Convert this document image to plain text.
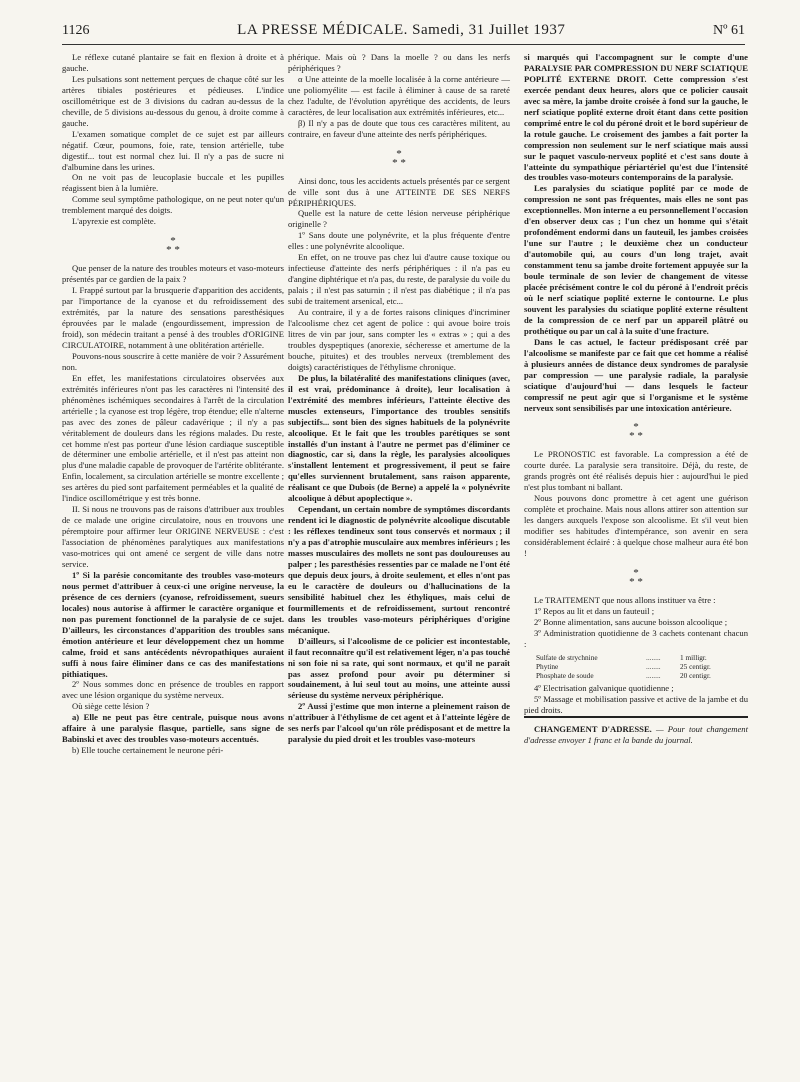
1126	LA PRESSE MÉDICALE. Samedi, 31 Juillet 1937	Nº 61

Le réflexe cutané plantaire se fait en flexion à droite et à gauche.

Les pulsations sont nettement perçues de chaque côté sur les artères tibiales postérieures et pédieuses. L'indice oscillométrique est de 3 divisions du cadran au-dessus de la cheville, de 5 divisions au-dessous du genou, à droite comme à gauche.

L'examen somatique complet de ce sujet est par ailleurs négatif. Cœur, poumons, foie, rate, tension artérielle, tube digestif... tout est normal chez lui. Il n'y a pas de sucre ni d'albumine dans les urines.

On ne voit pas de leucoplasie buccale et les pupilles réagissent bien à la lumière.

Comme seul symptôme pathologique, on ne peut noter qu'un tremblement marqué des doigts.

L'apyrexie est complète.

*
* *

Que penser de la nature des troubles moteurs et vaso-moteurs présentés par ce gardien de la paix ?

I. Frappé surtout par la brusquerie d'apparition des accidents, par l'importance de la cyanose et du refroidissement des extrémités, par la nature des sensations paresthésiques éprouvées par le malade (engourdissement, impression de froid), son médecin traitant a pensé à des troubles d'ORIGINE CIRCULATOIRE, notamment à une oblitération artérielle.

Pouvons-nous souscrire à cette manière de voir ? Assurément non.

En effet, les manifestations circulatoires observées aux extrémités inférieures n'ont pas les caractères ni l'intensité des phénomènes ischémiques secondaires à l'arrêt de la circulation artérielle ; la cyanose est trop légère, trop étendue; elle n'alterne pas avec des zones de pâleur cadavérique ; il n'y a pas véritablement de douleurs dans les régions malades. Du reste, cet homme n'est pas porteur d'une lésion cardiaque susceptible de déterminer une embolie artérielle, et il n'est pas atteint non plus d'une maladie capable de provoquer de l'artérite oblitérante. Enfin, localement, sa circulation artérielle se montre excellente ; ses artères du pied sont parfaitement perméables et la qualité de l'indice oscillométrique y est très bonne.

II. Si nous ne trouvons pas de raisons d'attribuer aux troubles de ce malade une origine circulatoire, nous en trouvons une péremptoire pour affirmer leur ORIGINE NERVEUSE : c'est l'association de phénomènes paralytiques aux manifestations vaso-motrices qui ont amené ce sergent de ville dans notre service.

1º Si la parésie concomitante des troubles vaso-moteurs nous permet d'attribuer à ceux-ci une origine nerveuse, la présence de ces derniers (cyanose, refroidissement, sueurs locales) nous autorise à affirmer le caractère organique et non pas purement fonctionnel de la paralysie de ce sujet. D'ailleurs, les circonstances d'apparition des troubles sans émotion antérieure et leur développement chez un homme calme, froid et sans antécédents névropathiques auraient suffi à nous faire éliminer dans ce cas des manifestations pithiatiques.

2º Nous sommes donc en présence de troubles en rapport avec une lésion organique du système nerveux.

Où siège cette lésion ?

a) Elle ne peut pas être centrale, puisque nous avons affaire à une paralysie flasque, partielle, sans signe de Babinski et avec des troubles vaso-moteurs accentués.

b) Elle touche certainement le neurone péri-

phérique. Mais où ? Dans la moelle ? ou dans les nerfs périphériques ?

α Une atteinte de la moelle localisée à la corne antérieure — une poliomyélite — est facile à éliminer à cause de sa rareté chez l'adulte, de l'évolution apyrétique des accidents, de leurs caractères, de leur localisation aux extrémités inférieures, etc...

β) Il n'y a pas de doute que tous ces caractères militent, au contraire, en faveur d'une atteinte des nerfs périphériques.

*
* *

Ainsi donc, tous les accidents actuels présentés par ce sergent de ville sont dus à une ATTEINTE DE SES NERFS PÉRIPHÉRIQUES.

Quelle est la nature de cette lésion nerveuse périphérique originelle ?

1º Sans doute une polynévrite, et la plus fréquente d'entre elles : une polynévrite alcoolique.

En effet, on ne trouve pas chez lui d'autre cause toxique ou infectieuse d'atteinte des nerfs périphériques : il n'a pas eu d'angine diphtérique et n'a pas, du reste, de paralysie du voile du palais ; il n'est pas saturnin ; il n'est pas diabétique ; il n'a pas subi de traitement arsenical, etc...

Au contraire, il y a de fortes raisons cliniques d'incriminer l'alcoolisme chez cet agent de police : qui avoue boire trois litres de vin par jour, sans compter les « extras » ; qui a des troubles dyspeptiques (anorexie, sécheresse et amertume de la bouche, pituites) et des troubles nerveux (tremblement des doigts) caractéristiques de l'éthylisme chronique.

De plus, la bilatéralité des manifestations cliniques (avec, il est vrai, prédominance à droite), leur localisation à l'extrémité des membres inférieurs, l'atteinte élective des muscles extenseurs, l'importance des troubles sensitifs subjectifs... sont bien des signes habituels de la polynévrite alcoolique. Et le fait que les troubles parétiques se sont installés d'un instant à l'autre ne permet pas d'éliminer ce diagnostic, car si, dans la règle, les paralysies alcooliques s'installent lentement et progressivement, il peut se faire qu'elles surviennent brutalement, sans raison apparente, réalisant ce que Dubois (de Berne) a appelé la « polynévrite alcoolique à début apoplectique ».

Cependant, un certain nombre de symptômes discordants rendent ici le diagnostic de polynévrite alcoolique discutable : les réflexes tendineux sont tous conservés et normaux ; il n'y a pas d'atrophie musculaire aux membres inférieurs ; les masses musculaires des mollets ne sont pas douloureuses au palper ; les paresthésies ressenties par ce malade ne l'ont été que depuis deux jours, à droite seulement, et elles n'ont pas eu le caractère de douleurs ou d'hallucinations de la sensibilité habituel chez les éthyliques, mais celui de fourmillements et de refroidissement, surtout rencontré dans les troubles vaso-moteurs périphériques d'origine mécanique.

D'ailleurs, si l'alcoolisme de ce policier est incontestable, il faut reconnaître qu'il est relativement léger, n'a pas touché ni son foie ni sa rate, qui sont normaux, et qu'il ne paraît pas assez profond pour avoir pu déterminer si soudainement, à lui seul tout au moins, une atteinte aussi sérieuse du système nerveux périphérique.

2º Aussi j'estime que mon interne a pleinement raison de n'attribuer à l'éthylisme de cet agent et à l'atteinte légère de ses nerfs par l'alcool qu'un rôle prédisposant et de mettre la paralysie du pied droit et les troubles vaso-moteurs

si marqués qui l'accompagnent sur le compte d'une PARALYSIE PAR COMPRESSION DU NERF SCIATIQUE POPLITÉ EXTERNE DROIT. Cette compression s'est exercée pendant deux heures, alors que ce policier causait avec sa mère, la jambe droite croisée à fond sur la gauche, le nerf sciatique poplité externe droit étant dans cette position comprimé entre le col du péroné droit et le bord supérieur de la rotule gauche. Le croisement des jambes a fait porter la compression non seulement sur le nerf sciatique mais aussi sur le paquet vasculo-nerveux poplité et c'est sans doute à l'atteinte du sympathique périartériel qu'est due l'intensité des troubles vaso-moteurs contemporains de la paralysie.

Les paralysies du sciatique poplité par ce mode de compression ne sont pas fréquentes, mais elles ne sont pas exceptionnelles. Mon interne a eu personnellement l'occasion d'en observer deux cas ; l'un chez un homme qui s'était profondément endormi dans un fauteuil, les jambes croisées l'une sur l'autre ; le deuxième chez un conducteur d'automobile qui, au cours d'un long trajet, avait constamment tenu sa jambe droite fortement appuyée sur la boule terminale de son levier de changement de vitesse placée précisément contre le col du péroné à l'endroit précis où le nerf sciatique poplité externe le contourne. Le plus souvent les paralysies du sciatique poplité externe résultent de la compression de ce nerf par un appareil plâtré ou prothétique ou par un cal à la suite d'une fracture.

Dans le cas actuel, le facteur prédisposant créé par l'alcoolisme se manifeste par ce fait que cet homme a réalisé à plusieurs années de distance deux syndromes de paralysie par compression — une paralysie radiale, la paralysie sciatique d'aujourd'hui — dans lesquels le facteur compressif ne peut agir que si l'organisme et le système nerveux sont sensibilisés par une intoxication antérieure.

*
* *

Le PRONOSTIC est favorable. La compression a été de courte durée. La paralysie sera transitoire. Déjà, du reste, de grands progrès ont été réalisés depuis hier : aujourd'hui le pied n'est plus tombant ni ballant.

Nous pouvons donc promettre à cet agent une guérison complète et prochaine. Mais nous allons attirer son attention sur les dangers auxquels l'expose son alcoolisme. Et s'il veut bien modifier ses habitudes d'intempérance, son avenir en sera considérablement éclairé : à quelque chose malheur aura été bon !

*
* *

Le TRAITEMENT que nous allons instituer va être :

1º Repos au lit et dans un fauteuil ;

2º Bonne alimentation, sans aucune boisson alcoolique ;

3º Administration quotidienne de 3 cachets contenant chacun :

Sulfate de strychnine	........	1 milligr.
Phytine	........	25 centigr.
Phosphate de soude	........	20 centigr.

4º Electrisation galvanique quotidienne ;

5º Massage et mobilisation passive et active de la jambe et du pied droits.

CHANGEMENT D'ADRESSE. — Pour tout changement d'adresse envoyer 1 franc et la bande du journal.
